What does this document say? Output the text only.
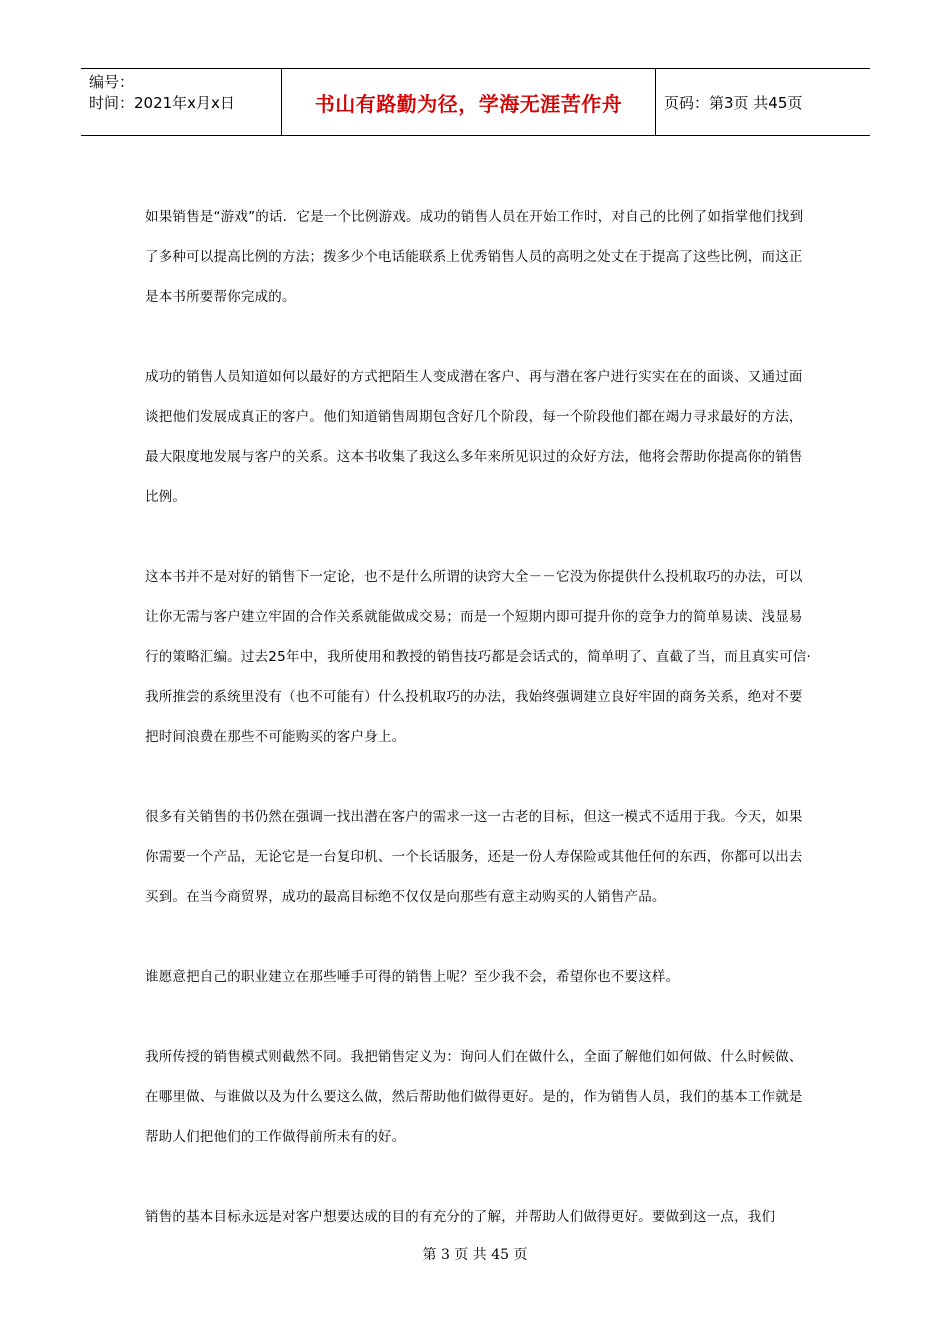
编号：
时间：2021年x月x日	书山有路勤为径，学海无涯苦作舟	页码：第3页 共45页

如果销售是“游戏”的话．它是一个比例游戏。成功的销售人员在开始工作时，对自己的比例了如指掌他们找到了多种可以提高比例的方法；拨多少个电话能联系上优秀销售人员的高明之处丈在于提高了这些比例，而这正是本书所要帮你完成的。

成功的销售人员知道如何以最好的方式把陌生人变成潜在客户、再与潜在客户进行实实在在的面谈、又通过面谈把他们发展成真正的客户。他们知道销售周期包含好几个阶段，每一个阶段他们都在竭力寻求最好的方法，最大限度地发展与客户的关系。这本书收集了我这么多年来所见识过的众好方法，他将会帮助你提高你的销售比例。

这本书并不是对好的销售下一定论，也不是什么所谓的诀窍大全－－它没为你提供什么投机取巧的办法，可以让你无需与客户建立牢固的合作关系就能做成交易；而是一个短期内即可提升你的竞争力的简单易读、浅显易行的策略汇编。过去25年中，我所使用和教授的销售技巧都是会话式的，简单明了、直截了当，而且真实可信·我所推尝的系统里没有（也不可能有）什么投机取巧的办法，我始终强调建立良好牢固的商务关系，绝对不要把时间浪费在那些不可能购买的客户身上。

很多有关销售的书仍然在强调一找出潜在客户的需求一这一古老的目标，但这一模式不适用于我。今天，如果你需要一个产品，无论它是一台复印机、一个长话服务，还是一份人寿保险或其他任何的东西，你都可以出去买到。在当今商贸界，成功的最高目标绝不仅仅是向那些有意主动购买的人销售产品。

谁愿意把自己的职业建立在那些唾手可得的销售上呢？至少我不会，希望你也不要这样。

我所传授的销售模式则截然不同。我把销售定义为：询问人们在做什么，全面了解他们如何做、什么时候做、在哪里做、与谁做以及为什么要这么做，然后帮助他们做得更好。是的，作为销售人员，我们的基本工作就是帮助人们把他们的工作做得前所未有的好。

销售的基本目标永远是对客户想要达成的目的有充分的了解，并帮助人们做得更好。要做到这一点，我们

第 3 页 共 45 页
